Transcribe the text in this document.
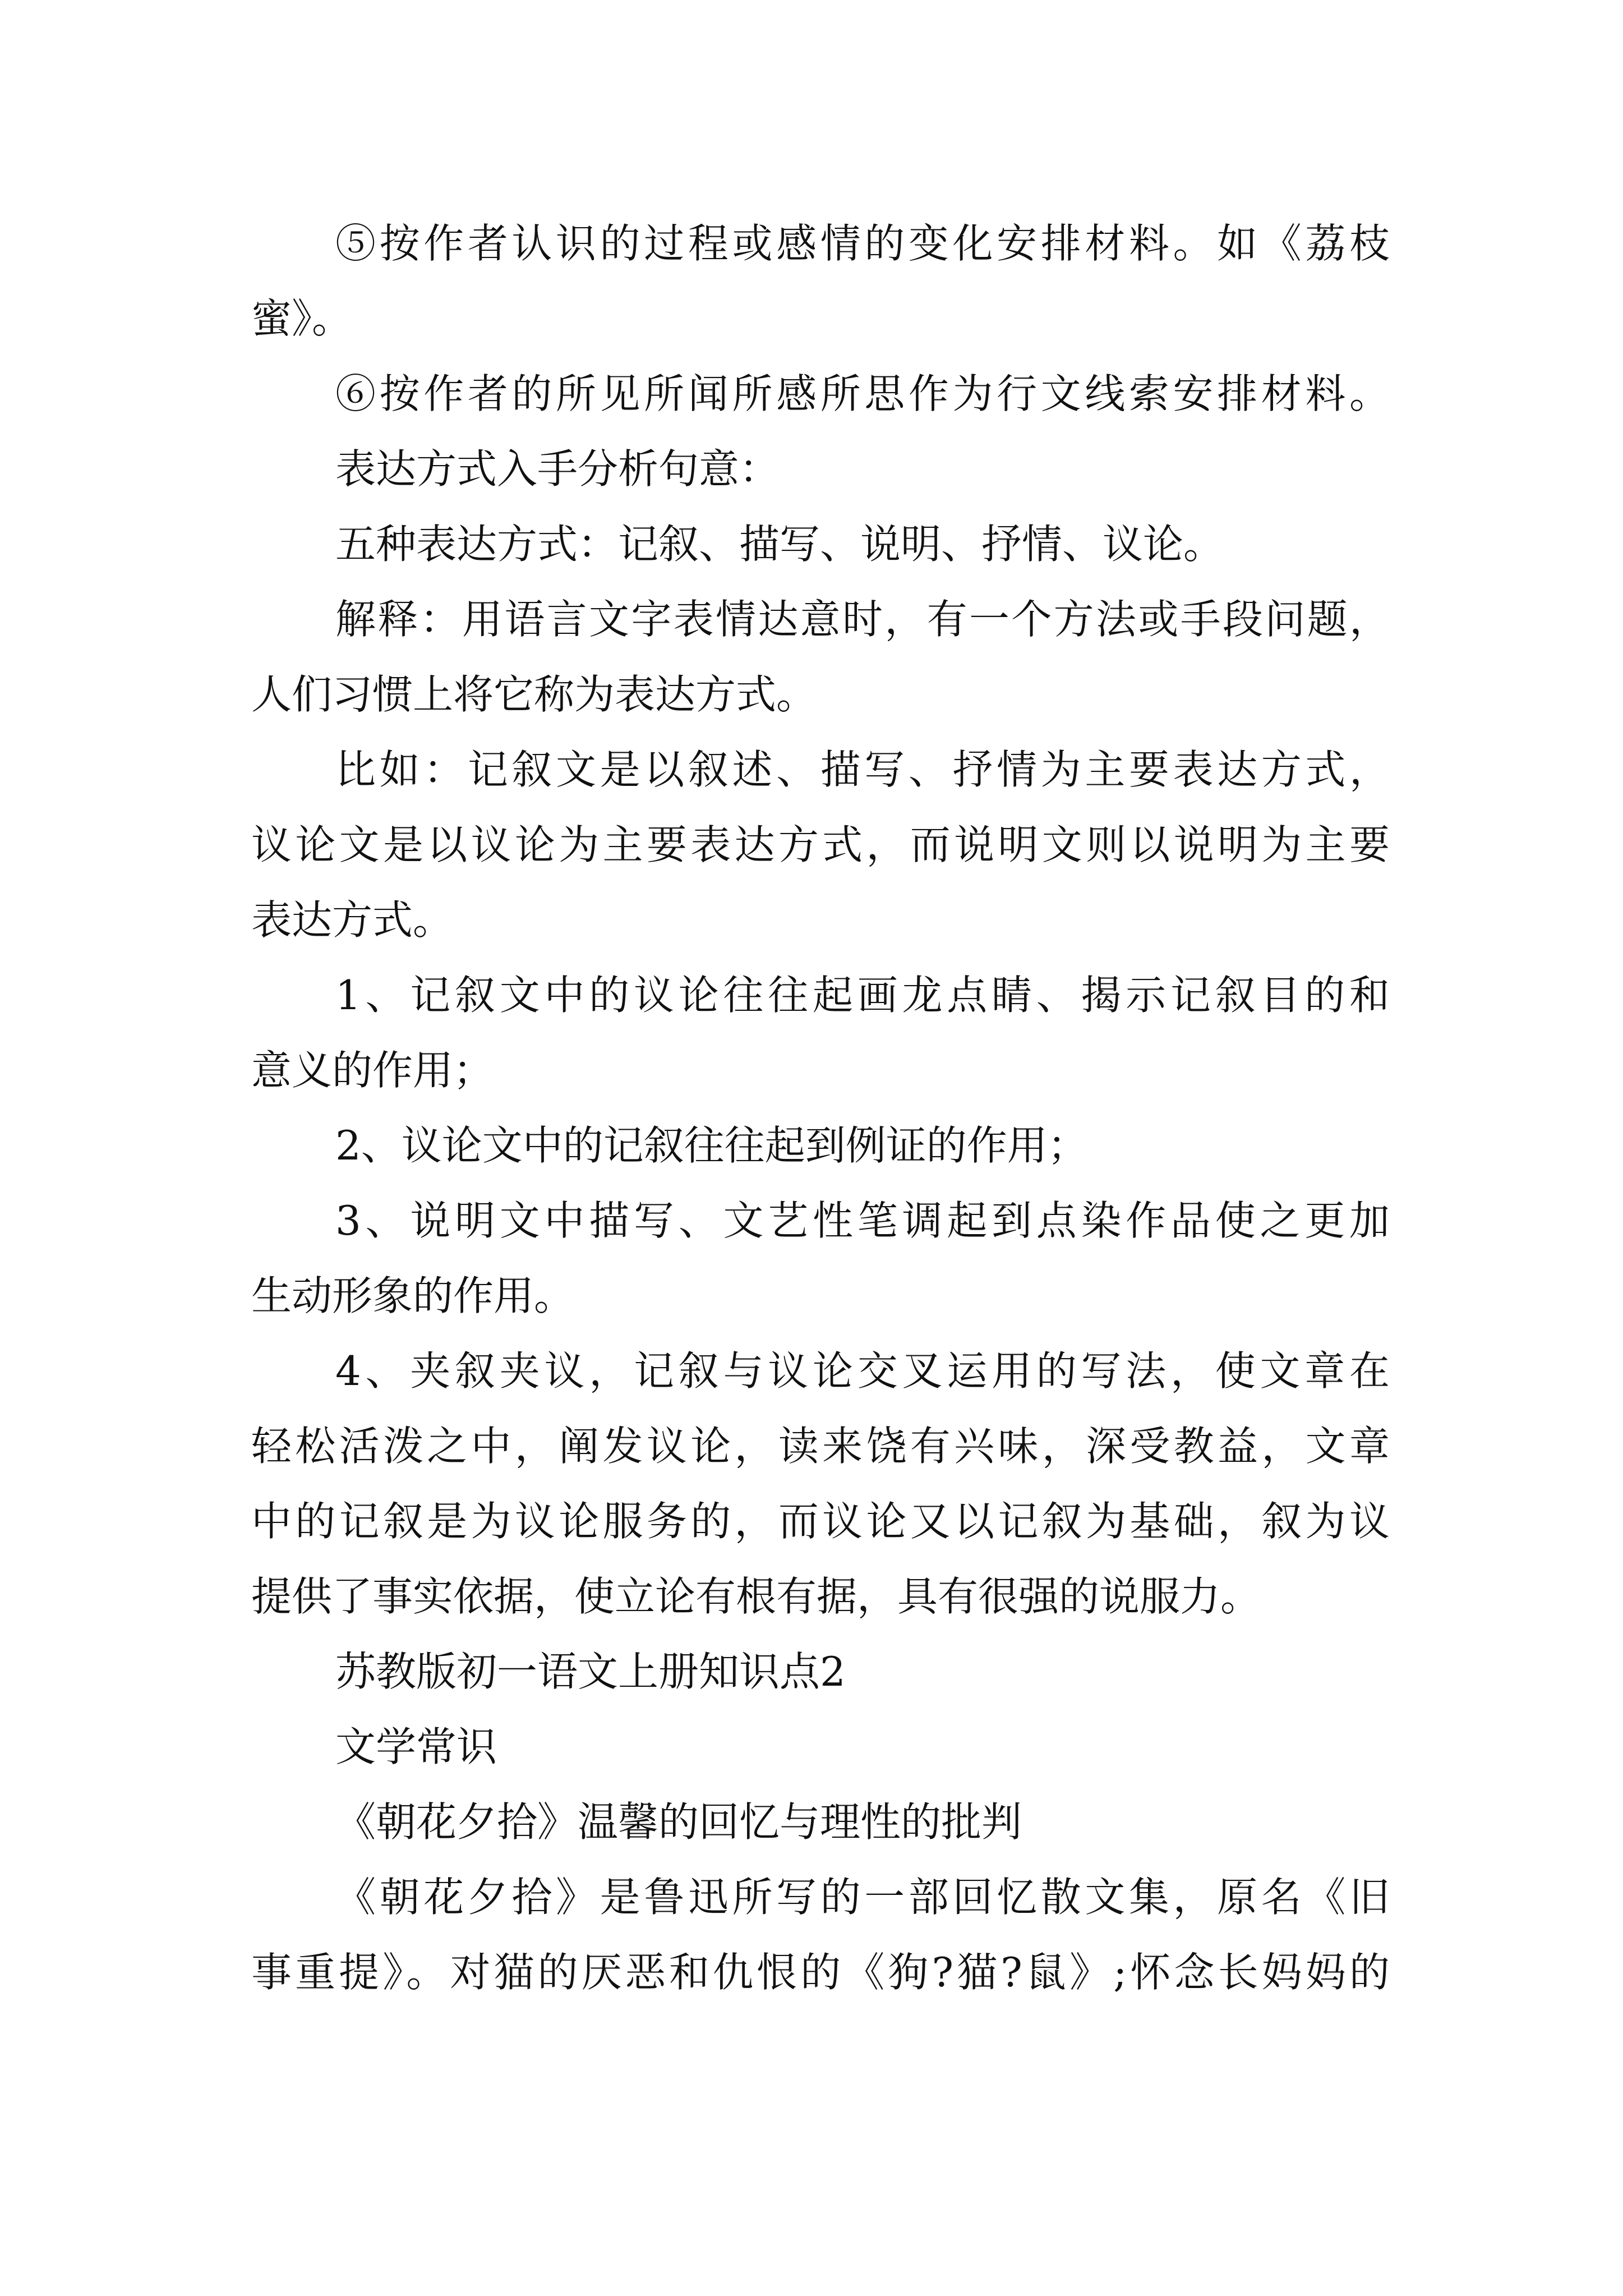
⑤按作者认识的过程或感情的变化安排材料。如《荔枝

蜜》。

⑥按作者的所见所闻所感所思作为行文线索安排材料。

表达方式入手分析句意：

五种表达方式：记叙、描写、说明、抒情、议论。

解释：用语言文字表情达意时，有一个方法或手段问题，

人们习惯上将它称为表达方式。

比如：记叙文是以叙述、描写、抒情为主要表达方式，

议论文是以议论为主要表达方式，而说明文则以说明为主要

表达方式。

1、记叙文中的议论往往起画龙点睛、揭示记叙目的和

意义的作用；

2、议论文中的记叙往往起到例证的作用；

3、说明文中描写、文艺性笔调起到点染作品使之更加

生动形象的作用。

4、夹叙夹议，记叙与议论交叉运用的写法，使文章在

轻松活泼之中，阐发议论，读来饶有兴味，深受教益，文章

中的记叙是为议论服务的，而议论又以记叙为基础，叙为议

提供了事实依据，使立论有根有据，具有很强的说服力。

苏教版初一语文上册知识点2

文学常识

《朝花夕拾》温馨的回忆与理性的批判

《朝花夕拾》是鲁迅所写的一部回忆散文集，原名《旧

事重提》。对猫的厌恶和仇恨的《狗?猫?鼠》;怀念长妈妈的
